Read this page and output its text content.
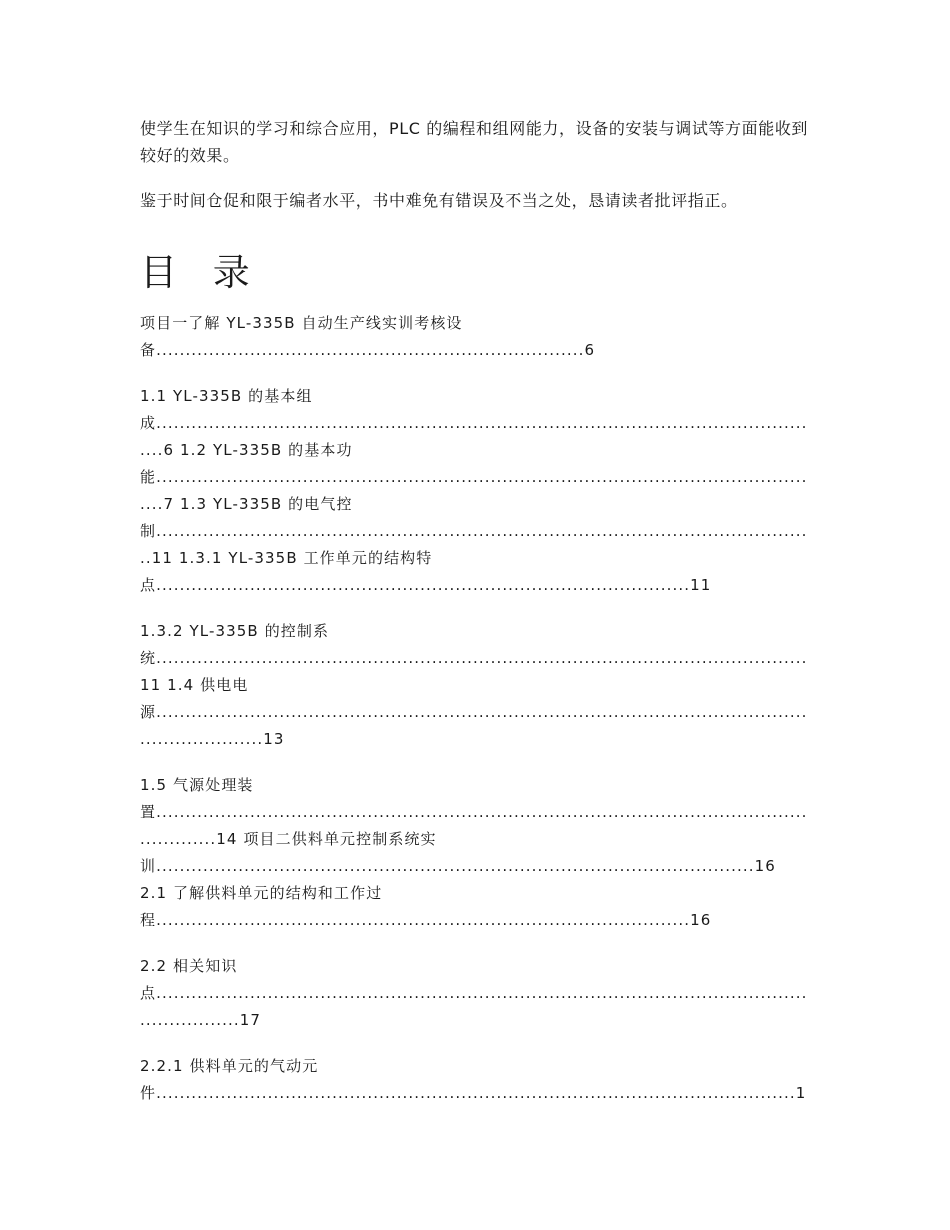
使学生在知识的学习和综合应用，PLC 的编程和组网能力，设备的安装与调试等方面能收到较好的效果。

鉴于时间仓促和限于编者水平，书中难免有错误及不当之处，恳请读者批评指正。

目 录

项目一了解 YL-335B 自动生产线实训考核设

备.........................................................................6

1.1 YL-335B 的基本组

成...............................................................................................................

....6 1.2 YL-335B 的基本功

能...............................................................................................................

....7 1.3 YL-335B 的电气控

制...............................................................................................................

..11 1.3.1 YL-335B 工作单元的结构特

点...........................................................................................11

1.3.2 YL-335B 的控制系

统...............................................................................................................

11 1.4 供电电

源...............................................................................................................

.....................13

1.5 气源处理装

置...............................................................................................................

.............14 项目二供料单元控制系统实

训......................................................................................................16

2.1 了解供料单元的结构和工作过

程...........................................................................................16

2.2 相关知识

点...............................................................................................................

.................17

2.2.1 供料单元的气动元

件.............................................................................................................1
